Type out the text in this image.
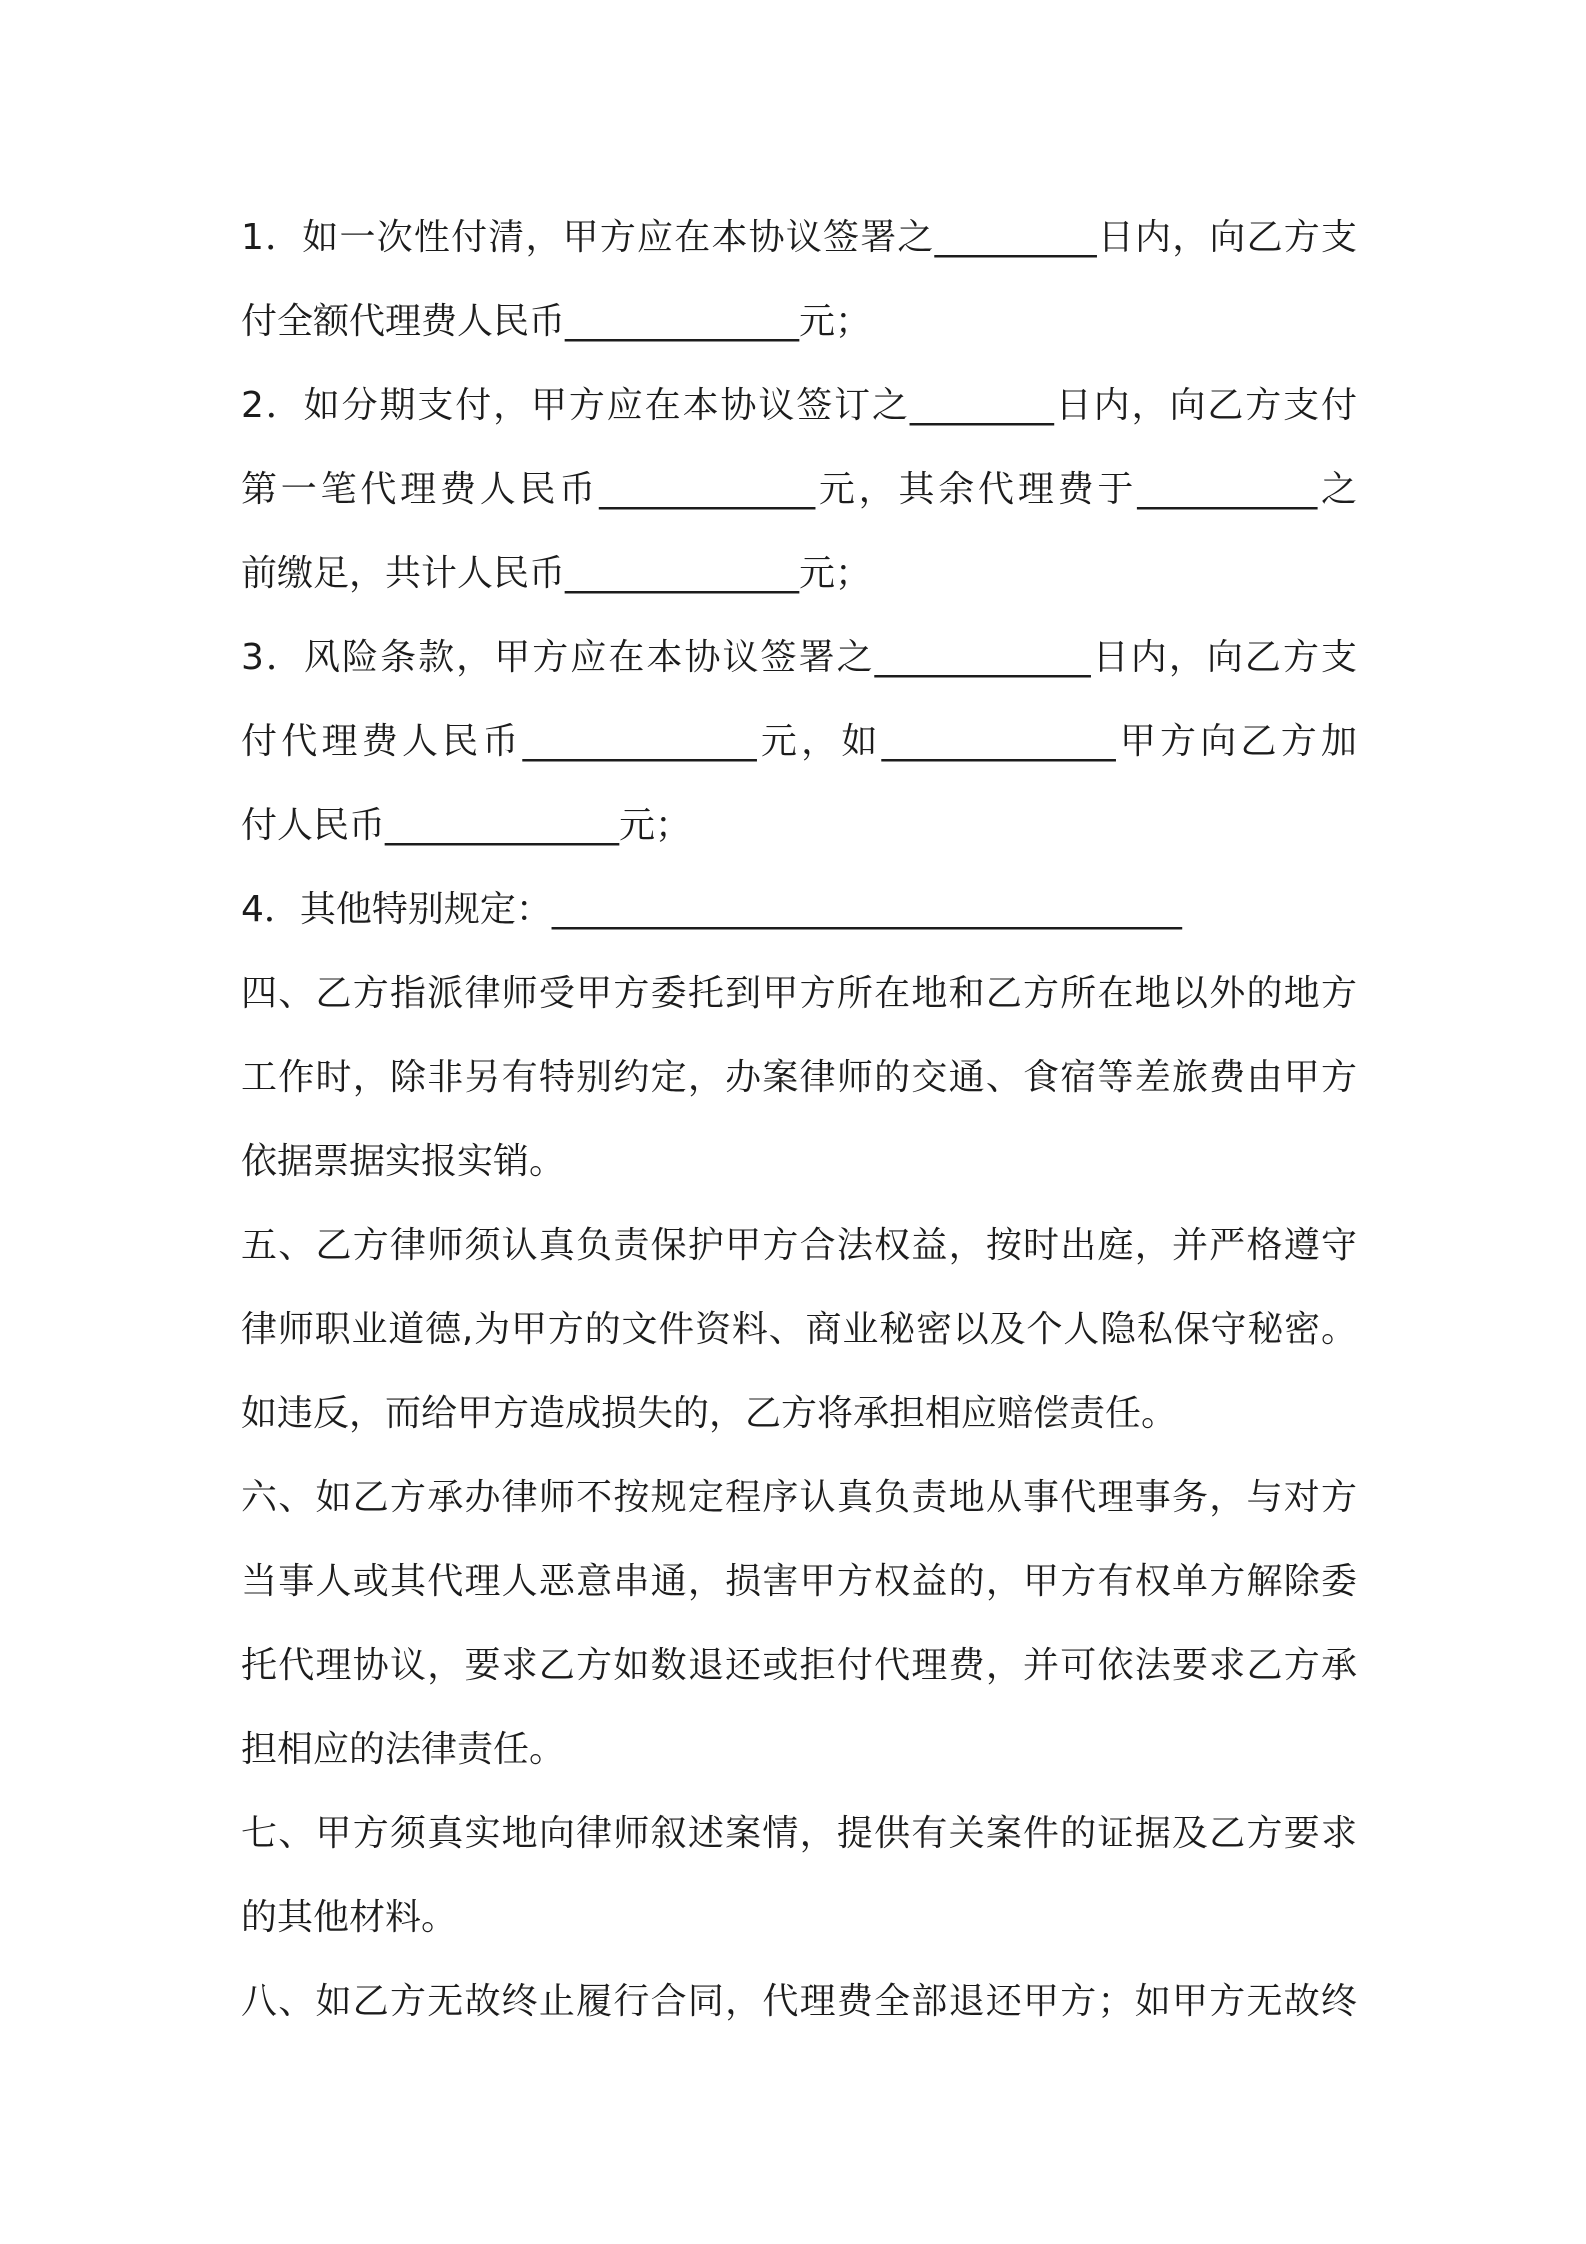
1．如一次性付清，甲方应在本协议签署之_________日内，向乙方支
付全额代理费人民币_____________元；
2．如分期支付，甲方应在本协议签订之________日内，向乙方支付
第一笔代理费人民币____________元，其余代理费于__________之
前缴足，共计人民币_____________元；
3．风险条款，甲方应在本协议签署之____________日内，向乙方支
付代理费人民币_____________元，如_____________甲方向乙方加
付人民币_____________元；
4．其他特别规定：___________________________________
四、乙方指派律师受甲方委托到甲方所在地和乙方所在地以外的地方
工作时，除非另有特别约定，办案律师的交通、食宿等差旅费由甲方
依据票据实报实销。
五、乙方律师须认真负责保护甲方合法权益，按时出庭，并严格遵守
律师职业道德,为甲方的文件资料、商业秘密以及个人隐私保守秘密。
如违反，而给甲方造成损失的，乙方将承担相应赔偿责任。
六、如乙方承办律师不按规定程序认真负责地从事代理事务，与对方
当事人或其代理人恶意串通，损害甲方权益的，甲方有权单方解除委
托代理协议，要求乙方如数退还或拒付代理费，并可依法要求乙方承
担相应的法律责任。
七、甲方须真实地向律师叙述案情，提供有关案件的证据及乙方要求
的其他材料。
八、如乙方无故终止履行合同，代理费全部退还甲方；如甲方无故终
